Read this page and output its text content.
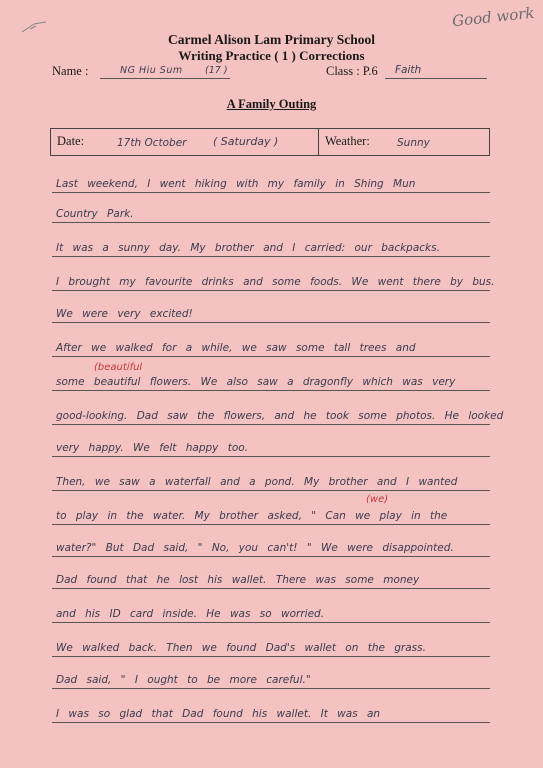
Good work
Carmel Alison Lam Primary School
Writing Practice ( 1 ) Corrections
Name :	NG Hiu Sum (17 )	Class : P.6 Faith
A Family Outing
Date:	17th October ( Saturday )	Weather:	Sunny
Last weekend, I went hiking with my family in Shing Mun
Country Park.
It was a sunny day. My brother and I carried: our backpacks.
I brought my favourite drinks and some foods. We went there by bus.
We were very excited!
After we walked for a while, we saw some tall trees and
(beautiful
some beautiful flowers. We also saw a dragonfly which was very
good-looking. Dad saw the flowers, and he took some photos. He looked
very happy. We felt happy too.
Then, we saw a waterfall and a pond. My brother and I wanted
(we)
to play in the water. My brother asked, " Can we play in the
water?" But Dad said, " No, you can't! " We were disappointed.
Dad found that he lost his wallet. There was some money
and his ID card inside. He was so worried.
We walked back. Then we found Dad's wallet on the grass.
Dad said, " I ought to be more careful."
I was so glad that Dad found his wallet. It was an
